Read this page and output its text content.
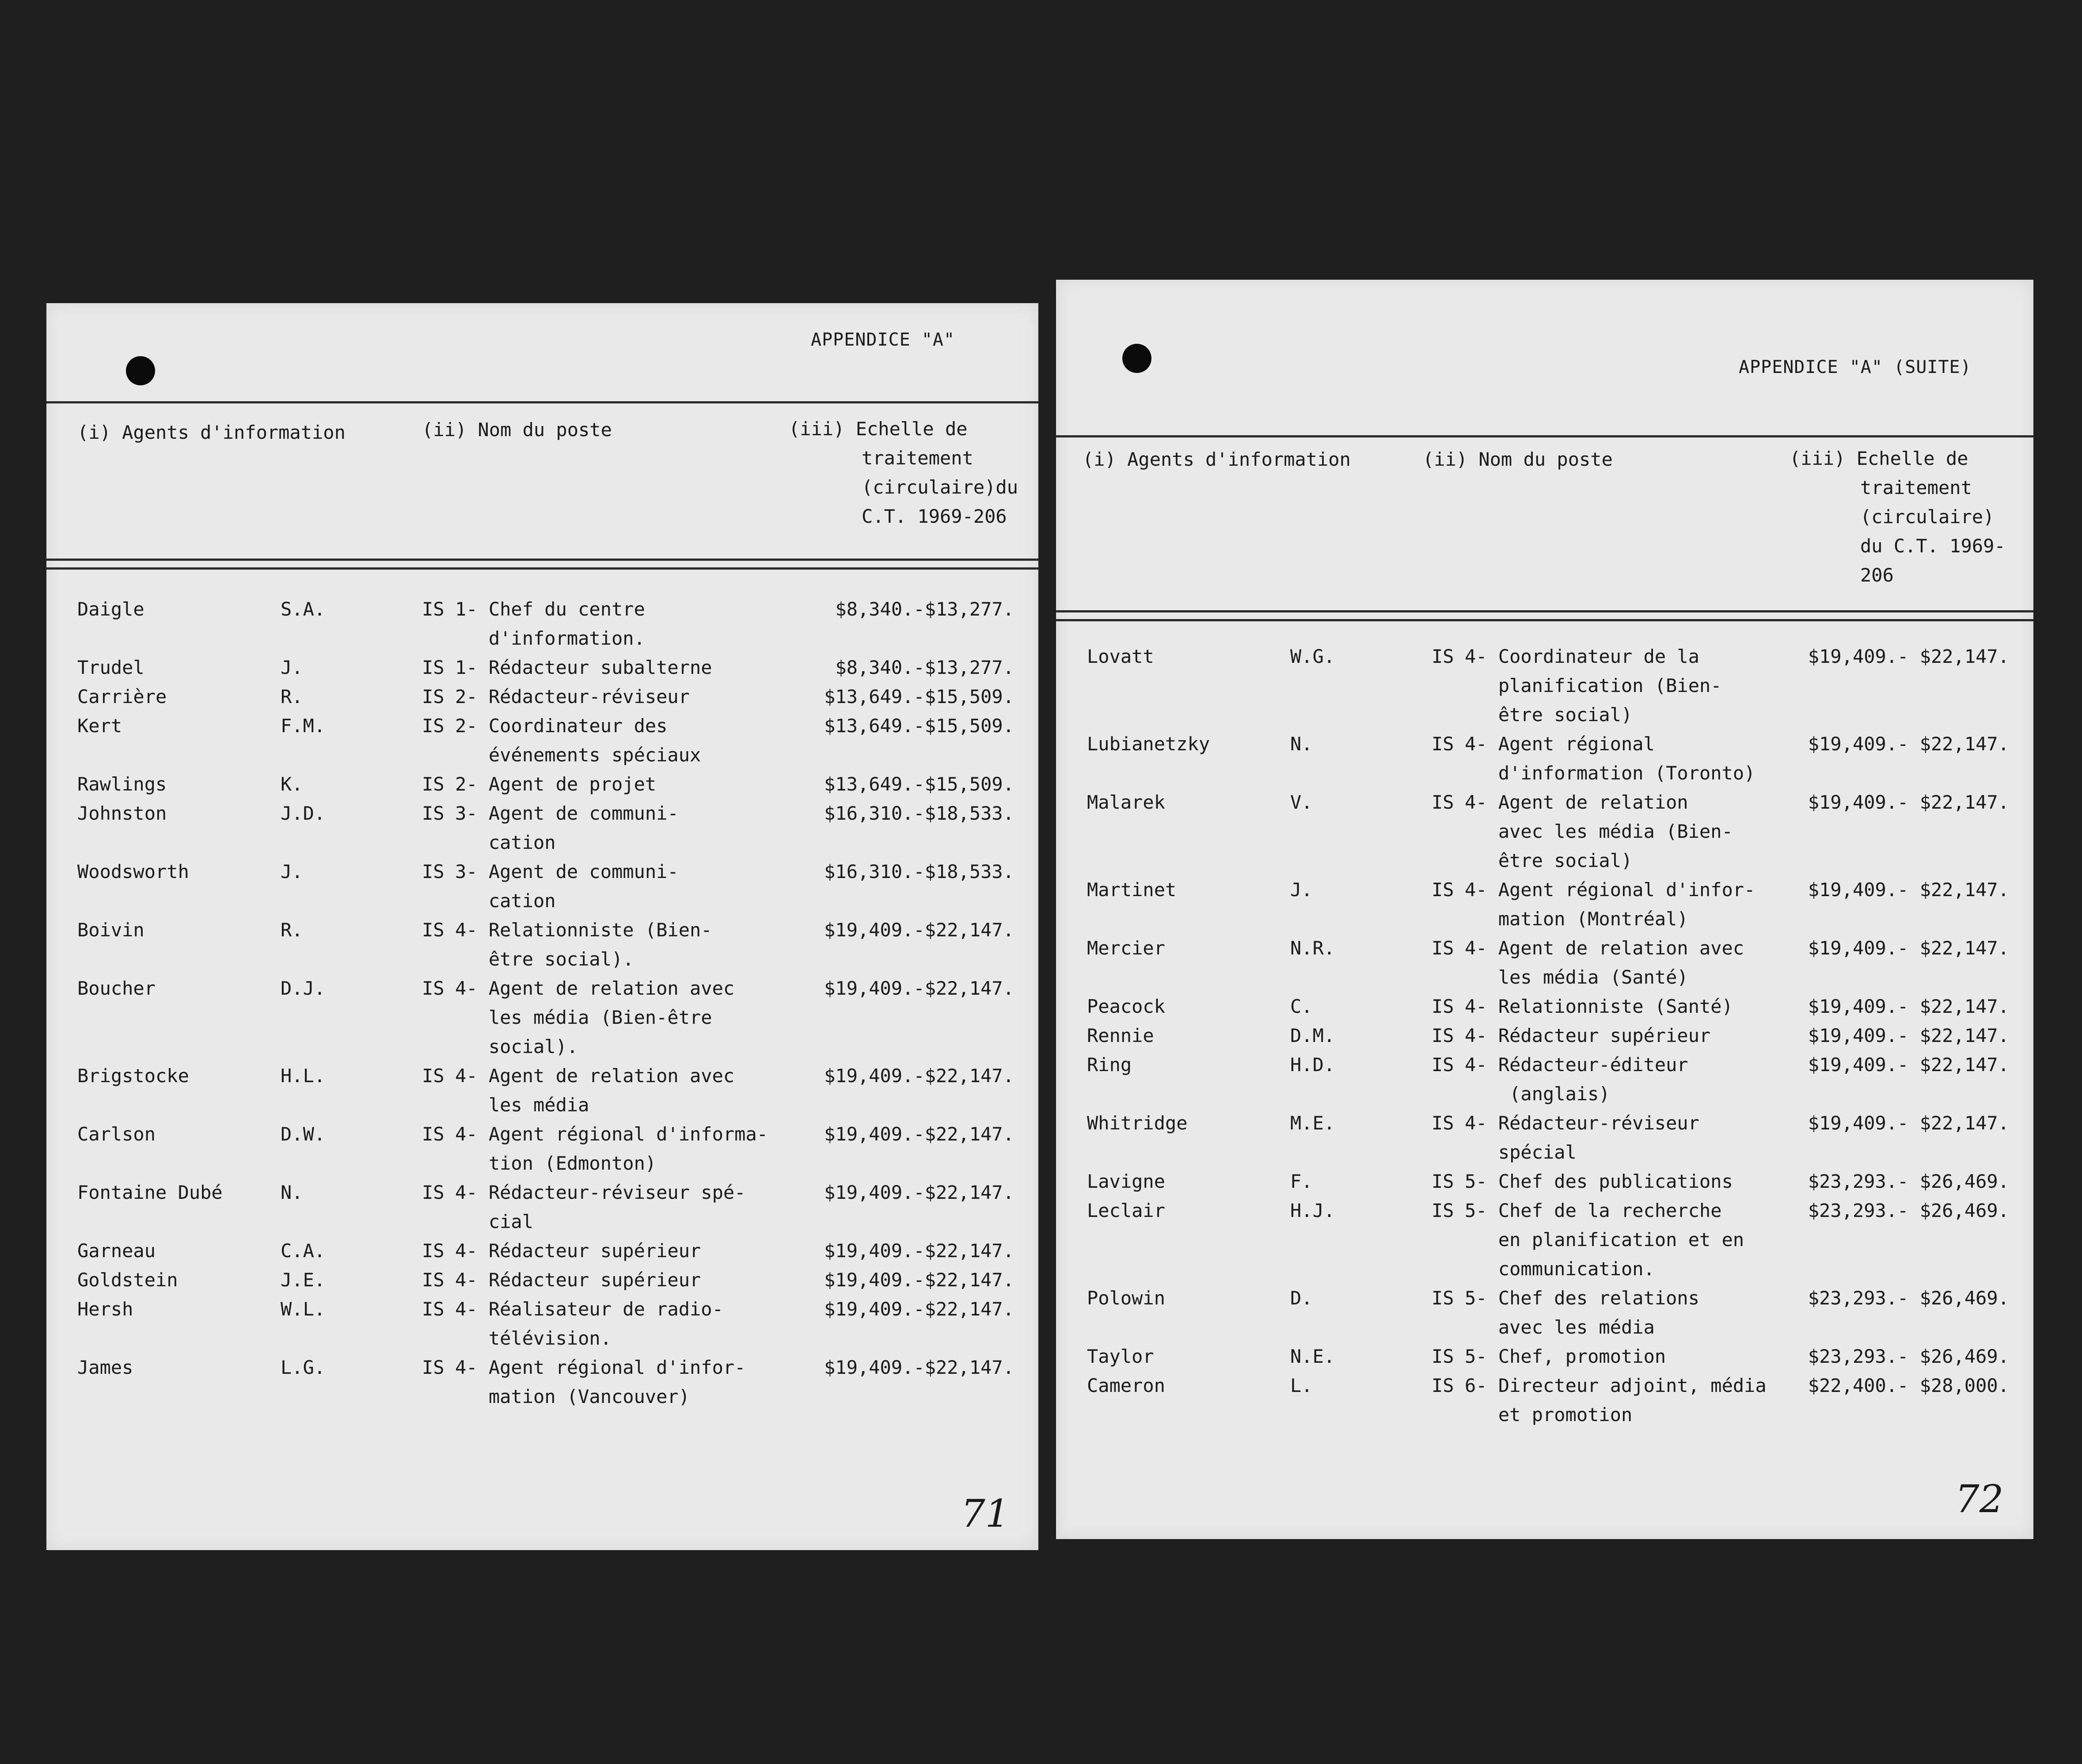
APPENDICE "A"
(i) Agents d'information	(ii) Nom du poste	(iii) Echelle de
traitement
(circulaire)du
C.T. 1969-206
Daigle	S.A.	IS 1- Chef du centre
d'information.
$8,340.-$13,277.
Trudel	J.	IS 1- Rédacteur subalterne	$8,340.-$13,277.
Carrière	R.	IS 2- Rédacteur-réviseur	$13,649.-$15,509.
Kert	F.M.	IS 2- Coordinateur des
événements spéciaux
$13,649.-$15,509.
Rawlings	K.	IS 2- Agent de projet	$13,649.-$15,509.
Johnston	J.D.	IS 3- Agent de communi-
cation
$16,310.-$18,533.
Woodsworth	J.	IS 3- Agent de communi-
cation
$16,310.-$18,533.
Boivin	R.	IS 4- Relationniste (Bien-
être social).
$19,409.-$22,147.
Boucher	D.J.	IS 4- Agent de relation avec
les média (Bien-être
social).
$19,409.-$22,147.
Brigstocke	H.L.	IS 4- Agent de relation avec
les média
$19,409.-$22,147.
Carlson	D.W.	IS 4- Agent régional d'informa-
tion (Edmonton)
$19,409.-$22,147.
Fontaine Dubé	N.	IS 4- Rédacteur-réviseur spé-
cial
$19,409.-$22,147.
Garneau	C.A.	IS 4- Rédacteur supérieur	$19,409.-$22,147.
Goldstein	J.E.	IS 4- Rédacteur supérieur	$19,409.-$22,147.
Hersh	W.L.	IS 4- Réalisateur de radio-
télévision.
$19,409.-$22,147.
James	L.G.	IS 4- Agent régional d'infor-
mation (Vancouver)
$19,409.-$22,147.
71
APPENDICE "A" (SUITE)
(i) Agents d'information	(ii) Nom du poste	(iii) Echelle de
traitement
(circulaire)
du C.T. 1969-
206
Lovatt	W.G.	IS 4- Coordinateur de la
planification (Bien-
être social)
$19,409.- $22,147.
Lubianetzky	N.	IS 4- Agent régional
d'information (Toronto)
$19,409.- $22,147.
Malarek	V.	IS 4- Agent de relation
avec les média (Bien-
être social)
$19,409.- $22,147.
Martinet	J.	IS 4- Agent régional d'infor-
mation (Montréal)
$19,409.- $22,147.
Mercier	N.R.	IS 4- Agent de relation avec
les média (Santé)
$19,409.- $22,147.
Peacock	C.	IS 4- Relationniste (Santé)	$19,409.- $22,147.
Rennie	D.M.	IS 4- Rédacteur supérieur	$19,409.- $22,147.
Ring	H.D.	IS 4- Rédacteur-éditeur
(anglais)
$19,409.- $22,147.
Whitridge	M.E.	IS 4- Rédacteur-réviseur
spécial
$19,409.- $22,147.
Lavigne	F.	IS 5- Chef des publications	$23,293.- $26,469.
Leclair	H.J.	IS 5- Chef de la recherche
en planification et en
communication.
$23,293.- $26,469.
Polowin	D.	IS 5- Chef des relations
avec les média
$23,293.- $26,469.
Taylor	N.E.	IS 5- Chef, promotion	$23,293.- $26,469.
Cameron	L.	IS 6- Directeur adjoint, média
et promotion
$22,400.- $28,000.
72
